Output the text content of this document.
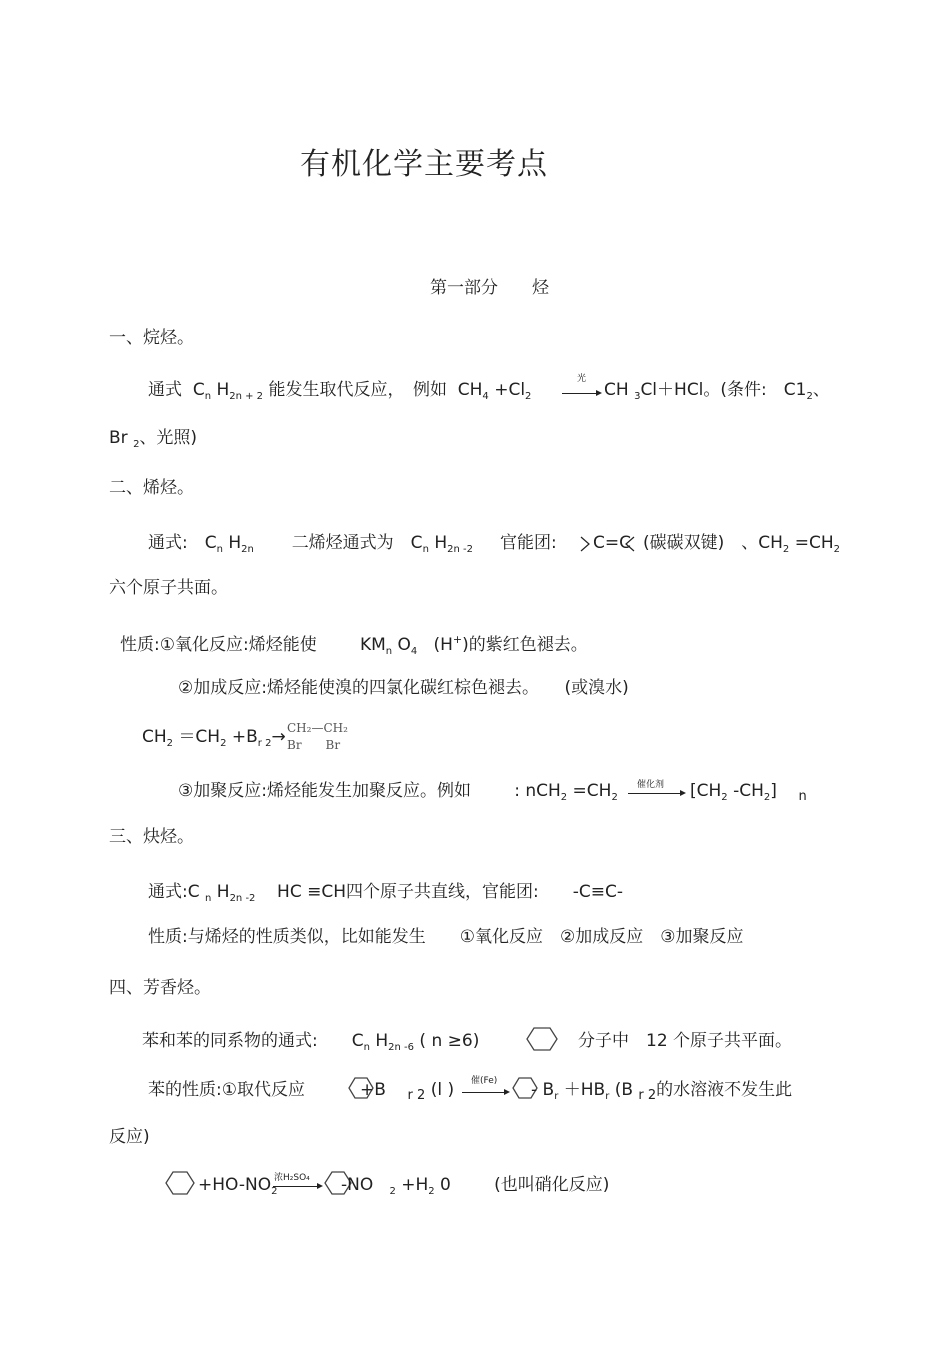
有机化学主要考点
第一部分　　烃
一、烷烃。
通式 $C_n$ $H_{2n + 2}$ 能发生取代反应，　例如 $CH_4 +Cl_2$
光
CH $_3$Cl＋HCl。(条件:　$C1_2$、
Br $_2$、光照)
二、烯烃。
通式:　$C_n$ $H_{2n}$ 二烯烃通式为　$C_n$ $H_{2n -2}$ 官能团: C=C (碳碳双键)　、$CH_2 =CH_2$
六个原子共面。
性质:①氧化反应:烯烃能使	$KM_n$ $O_4$ (H+)的紫红色褪去。
②加成反应:烯烃能使溴的四氯化碳红棕色褪去。　　(或溴水)
$CH_2 =CH_2 +B_{r 2}\to$ CH₂—CH₂
Br　　Br
③加聚反应:烯烃能发生加聚反应。例如	: $nCH_2 =CH_2$
催化剂 [$CH_2$ $-CH_2$] $_n$
三、炔烃。
通式:C $_n$ $H_{2n -2}$ HC ≡CH四个原子共直线，官能团:　　-C≡C-
性质:与烯烃的性质类似，比如能发生　　①氧化反应　②加成反应　③加聚反应
四、芳香烃。
苯和苯的同系物的通式:　　$C_n$ $H_{2n -6}$ ( n ≥6)	分子中　12 个原子共平面。
苯的性质:①取代反应	+B $_{r 2}$ (l ) 催$(Fe) - B_r +HB_r$ (B $_{r 2}$的水溶液不发生此
反应)
$+HO-NO_2$
浓H₂SO₄ -NO $_2 +H_2$ 0	(也叫硝化反应)
